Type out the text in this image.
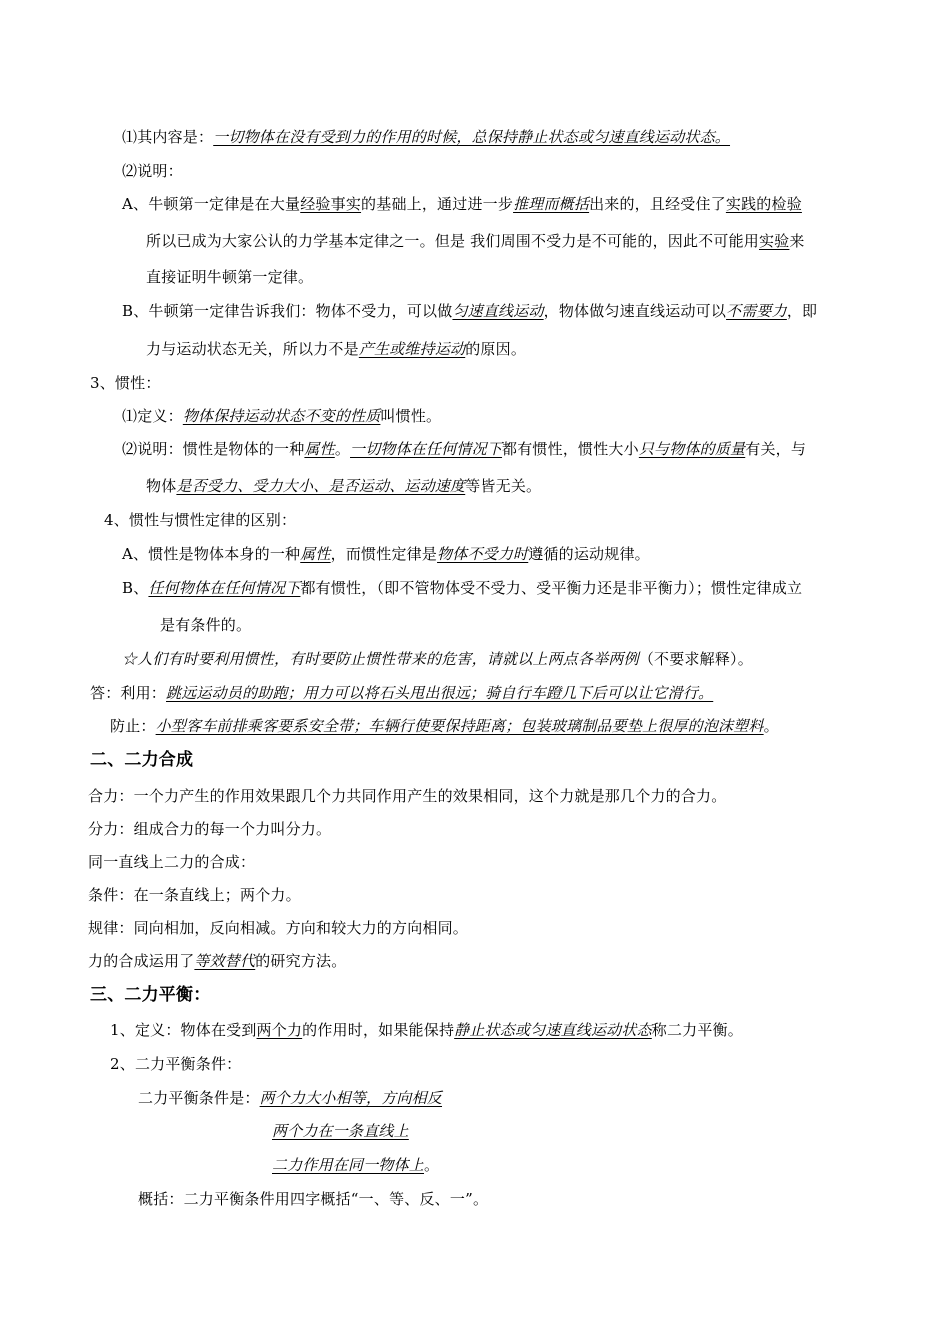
⑴其内容是：一切物体在没有受到力的作用的时候，总保持静止状态或匀速直线运动状态。
⑵说明：
A、牛顿第一定律是在大量经验事实的基础上，通过进一步推理而概括出来的，且经受住了实践的检验
所以已成为大家公认的力学基本定律之一。但是 我们周围不受力是不可能的，因此不可能用实验来
直接证明牛顿第一定律。
B、牛顿第一定律告诉我们：物体不受力，可以做匀速直线运动，物体做匀速直线运动可以不需要力，即
力与运动状态无关，所以力不是产生或维持运动的原因。
3、惯性：
⑴定义：物体保持运动状态不变的性质叫惯性。
⑵说明：惯性是物体的一种属性。一切物体在任何情况下都有惯性，惯性大小只与物体的质量有关，与
物体是否受力、受力大小、是否运动、运动速度等皆无关。
4、惯性与惯性定律的区别：
A、惯性是物体本身的一种属性，而惯性定律是物体不受力时遵循的运动规律。
B、任何物体在任何情况下都有惯性，（即不管物体受不受力、受平衡力还是非平衡力）；惯性定律成立
是有条件的。
☆人们有时要利用惯性，有时要防止惯性带来的危害，请就以上两点各举两例（不要求解释）。
答：利用：跳远运动员的助跑；用力可以将石头甩出很远；骑自行车蹬几下后可以让它滑行。
防止：小型客车前排乘客要系安全带；车辆行使要保持距离；包装玻璃制品要垫上很厚的泡沫塑料。
二、二力合成
合力：一个力产生的作用效果跟几个力共同作用产生的效果相同，这个力就是那几个力的合力。
分力：组成合力的每一个力叫分力。
同一直线上二力的合成：
条件：在一条直线上；两个力。
规律：同向相加，反向相减。方向和较大力的方向相同。
力的合成运用了等效替代的研究方法。
三、二力平衡：
1、定义：物体在受到两个力的作用时，如果能保持静止状态或匀速直线运动状态称二力平衡。
2、二力平衡条件：
二力平衡条件是：两个力大小相等，方向相反
两个力在一条直线上
二力作用在同一物体上。
概括：二力平衡条件用四字概括“一、等、反、一”。
